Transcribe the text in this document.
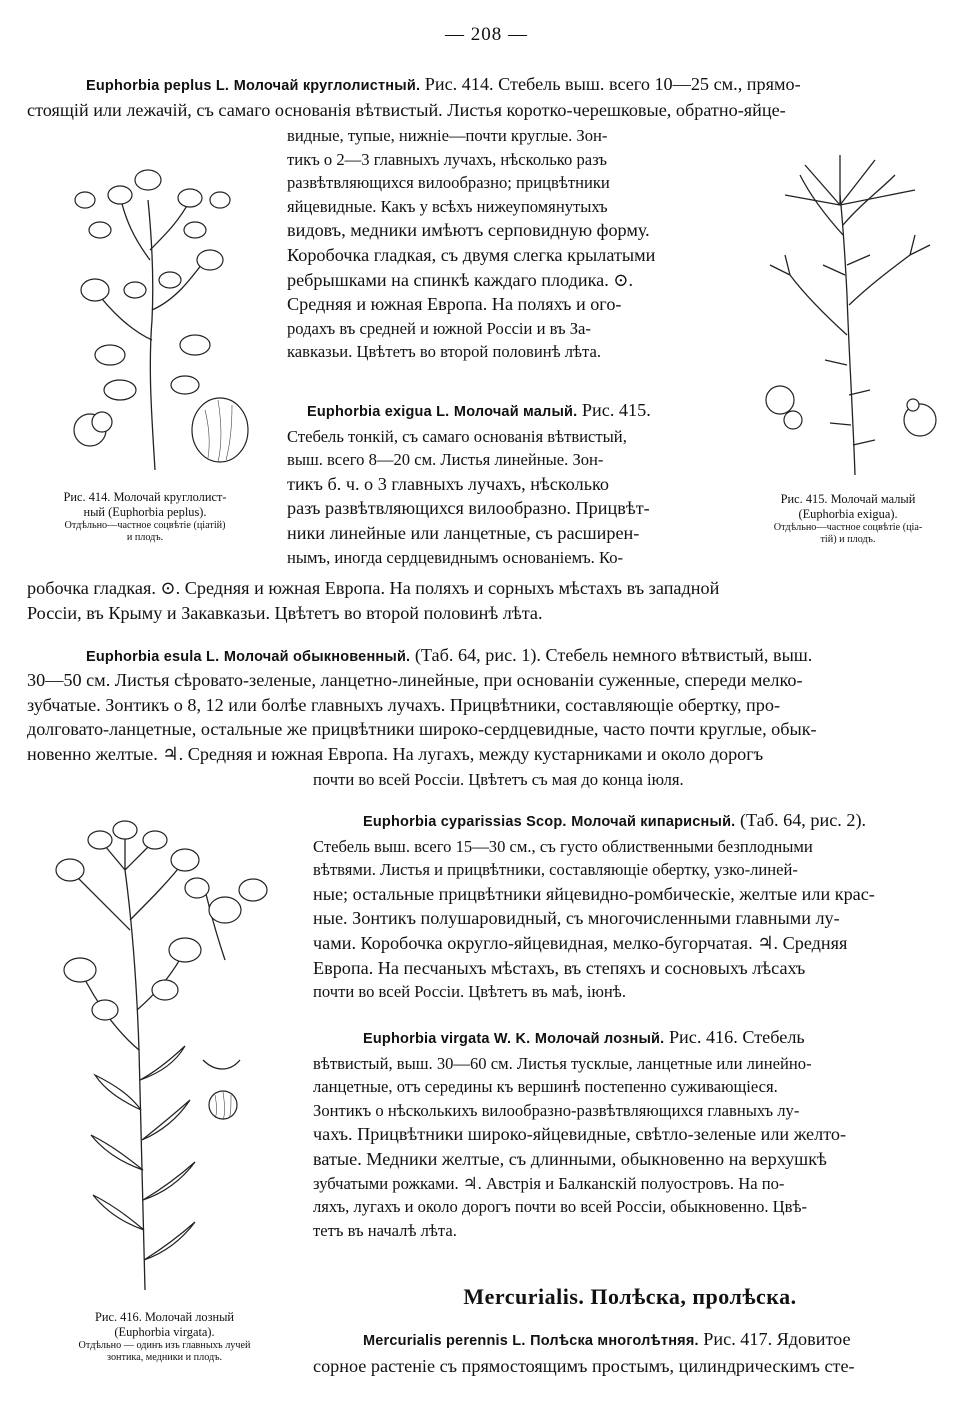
— 208 —

Euphorbia peplus L. Молочай круглолистный. Рис. 414. Стебель выш. всего 10—25 см., прямо-

стоящій или лежачій, съ самаго основанія вѣтвистый. Листья коротко-черешковые, обратно-яйце-

видные, тупые, нижніе—почти круглые. Зон-

тикъ о 2—3 главныхъ лучахъ, нѣсколько разъ

развѣтвляющихся вилообразно; прицвѣтники

яйцевидные. Какъ у всѣхъ нижеупомянутыхъ

видовъ, медники имѣютъ серповидную форму.

Коробочка гладкая, съ двумя слегка крылатыми

ребрышками на спинкѣ каждаго плодика. ⊙.

Средняя и южная Европа. На поляхъ и ого-

родахъ въ средней и южной Россіи и въ За-

кавказьи. Цвѣтетъ во второй половинѣ лѣта.

Euphorbia exigua L. Молочай малый. Рис. 415.

Стебель тонкій, съ самаго основанія вѣтвистый,

выш. всего 8—20 см. Листья линейные. Зон-

тикъ б. ч. о 3 главныхъ лучахъ, нѣсколько

разъ развѣтвляющихся вилообразно. Прицвѣт-

ники линейные или ланцетные, съ расширен-

нымъ, иногда сердцевиднымъ основаніемъ. Ко-

робочка гладкая. ⊙. Средняя и южная Европа. На поляхъ и сорныхъ мѣстахъ въ западной

Россіи, въ Крыму и Закавказьи. Цвѣтетъ во второй половинѣ лѣта.

Рис. 414. Молочай круглолист-
ный (Euphorbia peplus).
Отдѣльно—частное соцвѣтіе (ціатій)
и плодъ.
Рис. 415. Молочай малый
(Euphorbia exigua).
Отдѣльно—частное соцвѣтіе (ціа-
тій) и плодъ.

Euphorbia esula L. Молочай обыкновенный. (Таб. 64, рис. 1). Стебель немного вѣтвистый, выш.

30—50 см. Листья сѣровато-зеленые, ланцетно-линейные, при основаніи суженные, спереди мелко-

зубчатые. Зонтикъ о 8, 12 или болѣе главныхъ лучахъ. Прицвѣтники, составляющіе обертку, про-

долговато-ланцетные, остальные же прицвѣтники широко-сердцевидные, часто почти круглые, обык-

новенно желтые. ♃. Средняя и южная Европа. На лугахъ, между кустарниками и около дорогъ

почти во всей Россіи. Цвѣтетъ съ мая до конца іюля.

Euphorbia cyparissias Scop. Молочай кипарисный. (Таб. 64, рис. 2).

Стебель выш. всего 15—30 см., съ густо облиственными безплодными

вѣтвями. Листья и прицвѣтники, составляющіе обертку, узко-линей-

ные; остальные прицвѣтники яйцевидно-ромбическіе, желтые или крас-

ные. Зонтикъ полушаровидный, съ многочисленными главными лу-

чами. Коробочка округло-яйцевидная, мелко-бугорчатая. ♃. Средняя

Европа. На песчаныхъ мѣстахъ, въ степяхъ и сосновыхъ лѣсахъ

почти во всей Россіи. Цвѣтетъ въ маѣ, іюнѣ.

Euphorbia virgata W. K. Молочай лозный. Рис. 416. Стебель

вѣтвистый, выш. 30—60 см. Листья тусклые, ланцетные или линейно-

ланцетные, отъ середины къ вершинѣ постепенно суживающіеся.

Зонтикъ о нѣсколькихъ вилообразно-развѣтвляющихся главныхъ лу-

чахъ. Прицвѣтники широко-яйцевидные, свѣтло-зеленые или желто-

ватые. Медники желтые, съ длинными, обыкновенно на верхушкѣ

зубчатыми рожками. ♃. Австрія и Балканскій полуостровъ. На по-

ляхъ, лугахъ и около дорогъ почти во всей Россіи, обыкновенно. Цвѣ-

тетъ въ началѣ лѣта.

Рис. 416. Молочай лозный
(Euphorbia virgata).
Отдѣльно — одинъ изъ главныхъ лучей
зонтика, медники и плодъ.
Mercurialis. Полѣска, пролѣска.

Mercurialis perennis L. Полѣска многолѣтняя. Рис. 417. Ядовитое

сорное растеніе съ прямостоящимъ простымъ, цилиндрическимъ сте-
